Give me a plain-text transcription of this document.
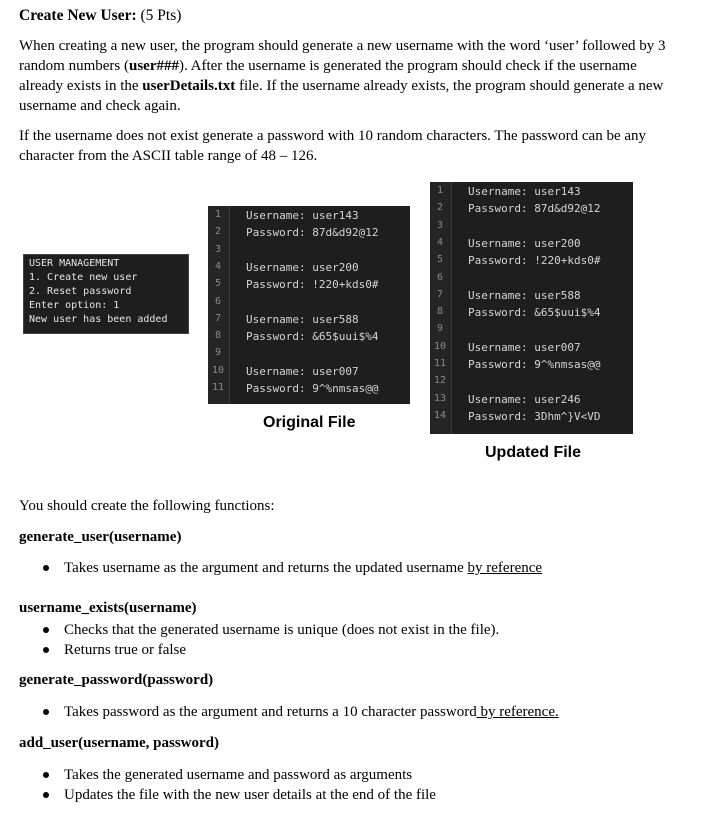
Create New User: (5 Pts)
When creating a new user, the program should generate a new username with the word ‘user’ followed by 3 random numbers (user###). After the username is generated the program should check if the username already exists in the userDetails.txt file. If the username already exists, the program should generate a new username and check again.
If the username does not exist generate a password with 10 random characters. The password can be any character from the ASCII table range of 48 – 126.
USER MANAGEMENT
1. Create new user
2. Reset password
Enter option: 1
New user has been added
1	Username: user143
2	Password: 87d&d92@12
3
4	Username: user200
5	Password: !220+kds0#
6
7	Username: user588
8	Password: &65$uui$%4
9
10	Username: user007
11	Password: 9^%nmsas@@
Original File
1	Username: user143
2	Password: 87d&d92@12
3
4	Username: user200
5	Password: !220+kds0#
6
7	Username: user588
8	Password: &65$uui$%4
9
10	Username: user007
11	Password: 9^%nmsas@@
12
13	Username: user246
14	Password: 3Dhm^}V<VD
Updated File
You should create the following functions:
generate_user(username)
Takes username as the argument and returns the updated username by reference
username_exists(username)
Checks that the generated username is unique (does not exist in the file).
Returns true or false
generate_password(password)
Takes password as the argument and returns a 10 character password by reference.
add_user(username, password)
Takes the generated username and password as arguments
Updates the file with the new user details at the end of the file
